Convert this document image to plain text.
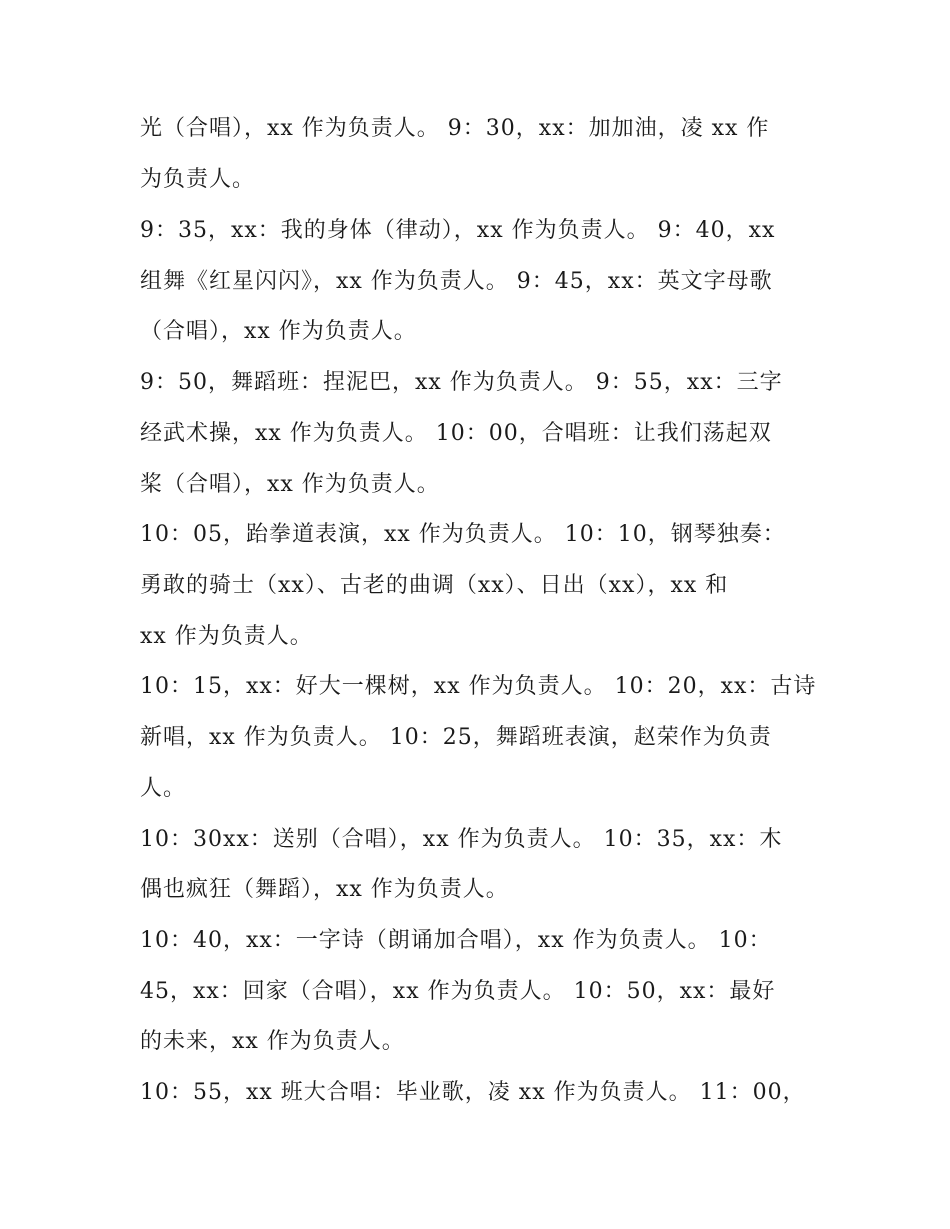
光（合唱），xx 作为负责人。 9：30，xx：加加油，凌 xx 作
为负责人。
9：35，xx：我的身体（律动），xx 作为负责人。 9：40，xx
组舞《红星闪闪》，xx 作为负责人。 9：45，xx：英文字母歌
（合唱），xx 作为负责人。
9：50，舞蹈班：捏泥巴，xx 作为负责人。 9：55，xx：三字
经武术操，xx 作为负责人。 10：00，合唱班：让我们荡起双
桨（合唱），xx 作为负责人。
10：05，跆拳道表演，xx 作为负责人。 10：10，钢琴独奏：
勇敢的骑士（xx）、古老的曲调（xx）、日出（xx），xx 和
xx 作为负责人。
10：15，xx：好大一棵树，xx 作为负责人。 10：20，xx：古诗
新唱，xx 作为负责人。 10：25，舞蹈班表演，赵荣作为负责
人。
10：30xx：送别（合唱），xx 作为负责人。 10：35，xx：木
偶也疯狂（舞蹈），xx 作为负责人。
10：40，xx：一字诗（朗诵加合唱），xx 作为负责人。 10：
45，xx：回家（合唱），xx 作为负责人。 10：50，xx：最好
的未来，xx 作为负责人。
10：55，xx 班大合唱：毕业歌，凌 xx 作为负责人。 11：00，
